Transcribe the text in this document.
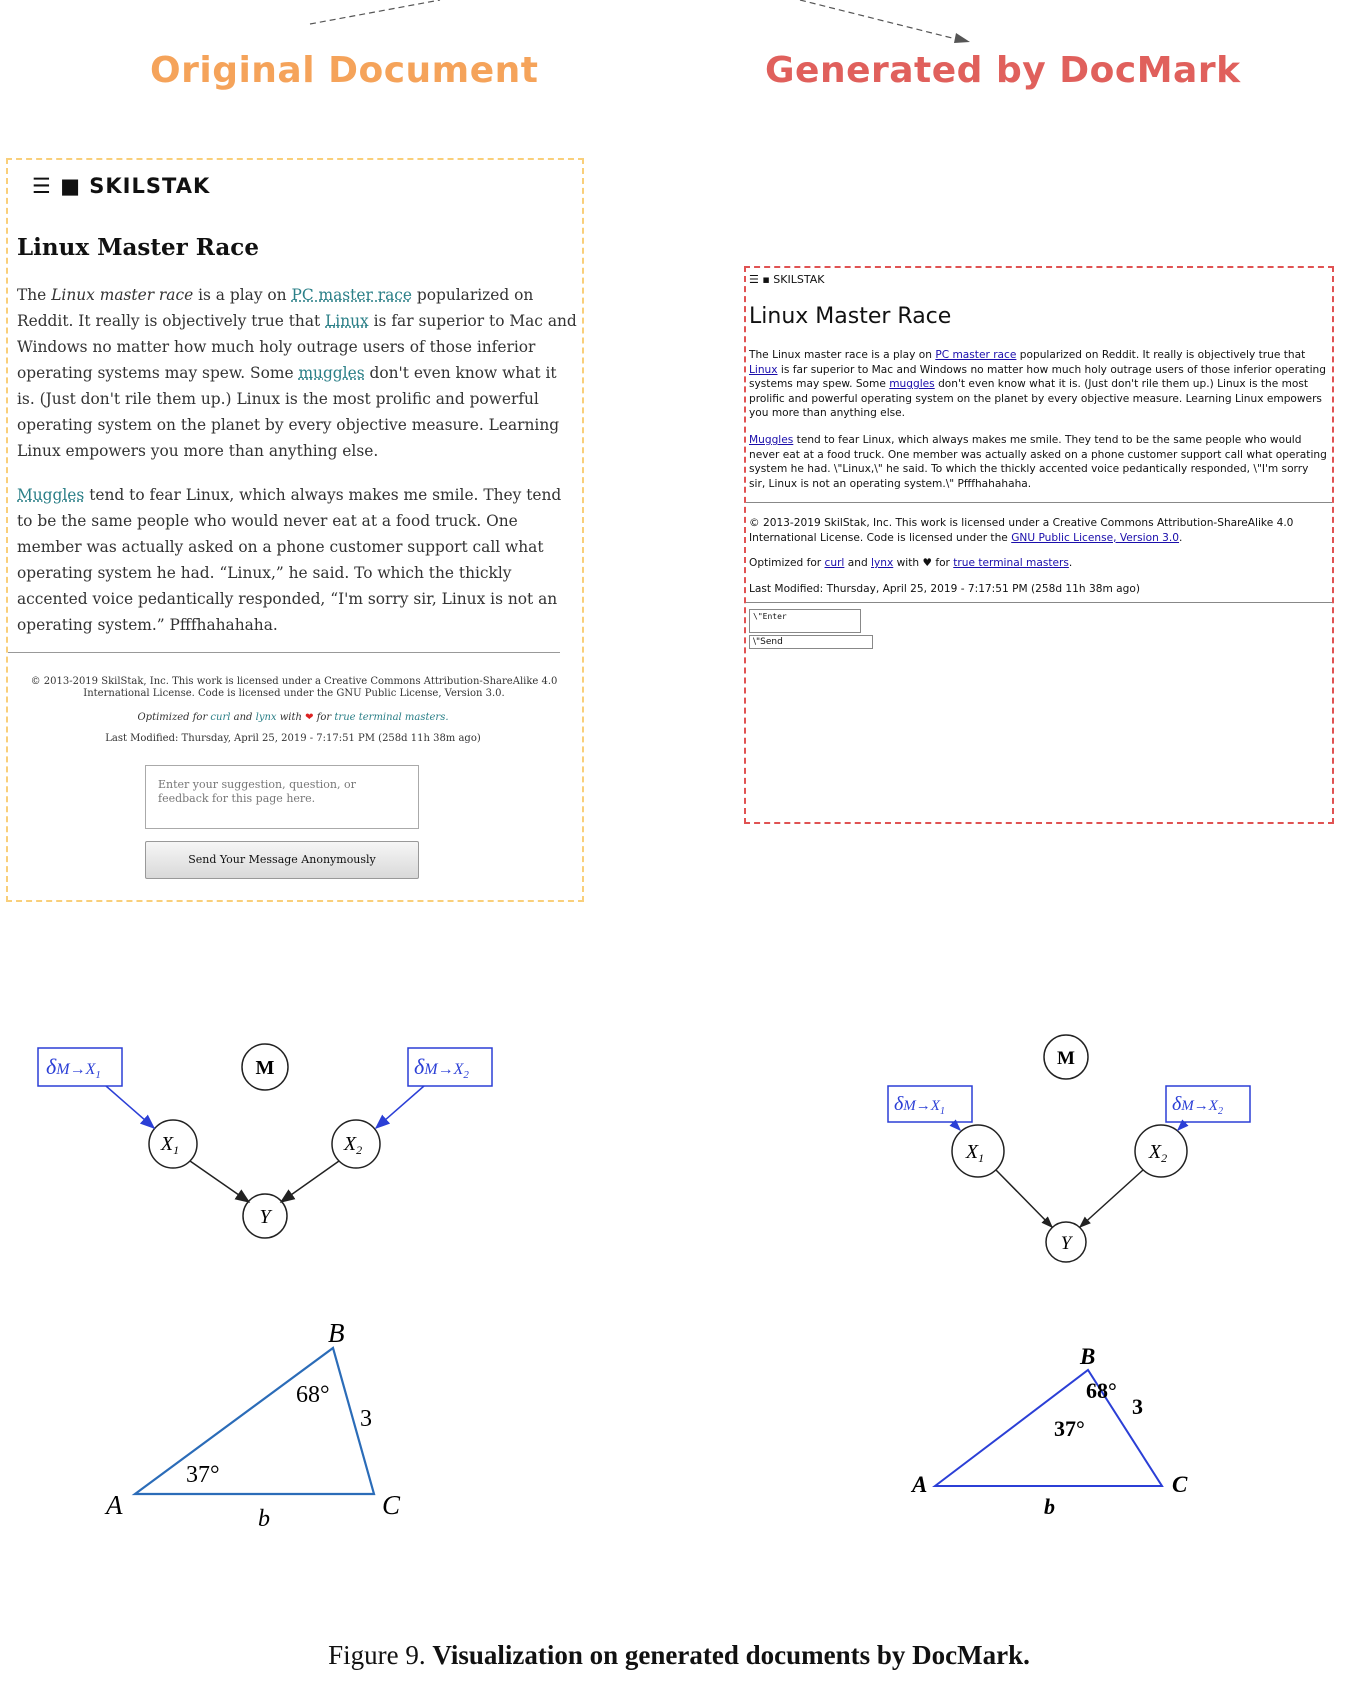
Original Document	Generated by DocMark
☰ ■ SKILSTAK
Linux Master Race
The Linux master race is a play on PC master race popularized on Reddit. It really is objectively true that Linux is far superior to Mac and Windows no matter how much holy outrage users of those inferior operating systems may spew. Some muggles don't even know what it is. (Just don't rile them up.) Linux is the most prolific and powerful operating system on the planet by every objective measure. Learning Linux empowers you more than anything else.
Muggles tend to fear Linux, which always makes me smile. They tend to be the same people who would never eat at a food truck. One member was actually asked on a phone customer support call what operating system he had. “Linux,” he said. To which the thickly accented voice pedantically responded, “I'm sorry sir, Linux is not an operating system.” Pfffhahahaha.
© 2013-2019 SkilStak, Inc. This work is licensed under a Creative Commons Attribution-ShareAlike 4.0 International License. Code is licensed under the GNU Public License, Version 3.0.
Optimized for curl and lynx with ❤ for true terminal masters.
Last Modified: Thursday, April 25, 2019 - 7:17:51 PM (258d 11h 38m ago)
Enter your suggestion, question, or feedback for this page here.
Send Your Message Anonymously
☰ ▪ SKILSTAK
Linux Master Race
The Linux master race is a play on PC master race popularized on Reddit. It really is objectively true that Linux is far superior to Mac and Windows no matter how much holy outrage users of those inferior operating systems may spew. Some muggles don't even know what it is. (Just don't rile them up.) Linux is the most prolific and powerful operating system on the planet by every objective measure. Learning Linux empowers you more than anything else.
Muggles tend to fear Linux, which always makes me smile. They tend to be the same people who would never eat at a food truck. One member was actually asked on a phone customer support call what operating system he had. \"Linux,\" he said. To which the thickly accented voice pedantically responded, \"I'm sorry sir, Linux is not an operating system.\" Pfffhahahaha.
© 2013-2019 SkilStak, Inc. This work is licensed under a Creative Commons Attribution-ShareAlike 4.0 International License. Code is licensed under the GNU Public License, Version 3.0.
Optimized for curl and lynx with ♥ for true terminal masters.
Last Modified: Thursday, April 25, 2019 - 7:17:51 PM (258d 11h 38m ago)
\"Enter
\"Send
δM→X1	δM→X2
M
$X_1$	$X_2$
Y
M
$\delta M\to X_1$	$\delta M\to X_2$
$X_1$	$X_2$
Y
B
A	C
b
3
68°
37°
B
A	C
b
3
68°
37°
Figure 9. Visualization on generated documents by DocMark.
